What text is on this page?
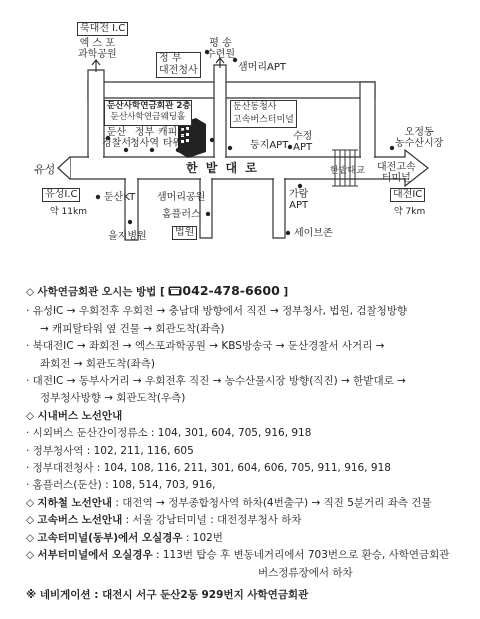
북대전 I.C
엑 스 포
과학공원
평 송
수련원
정 부
대전청사	샘머리APT
둔산사학연금회관 2층
둔산사학연금웨딩홀
둔산
경찰서
정부
청사역
캐피탈
타워
둔산동청사
고속버스터미널
둥지APT
수정
APT
오정동
농수산시장
대전고속
터미널
유성	한 밭 대 로	한밭대교
유성I.C
약 11km
둔산KT 샘머리공원
홈플러스
법원
가람
APT
대전IC
약 7km
을지병원	세이브존
◇ 사학연금회관 오시는 방법 [ 042-478-6600 ]
· 유성IC → 우회전후 우회전 → 충남대 방향에서 직진 → 정부청사, 법원, 검찰청방향
→ 캐피탈타워 옆 건물 → 회관도착(좌측)
· 북대전IC → 좌회전 → 엑스포과학공원 → KBS방송국 → 둔산경찰서 사거리 →
좌회전 → 회관도착(좌측)
· 대전IC → 동부사거리 → 우회전후 직진 → 농수산물시장 방향(직진) → 한밭대로 →
정부청사방향 → 회관도착(우측)
◇ 시내버스 노선안내
· 시외버스 둔산간이정류소 : 104, 301, 604, 705, 916, 918
· 정부청사역 : 102, 211, 116, 605
· 정부대전청사 : 104, 108, 116, 211, 301, 604, 606, 705, 911, 916, 918
· 홈플러스(둔산) : 108, 514, 703, 916,
◇ 지하철 노선안내 : 대전역 → 정부종합청사역 하차(4번출구) → 직진 5분거리 좌측 건물
◇ 고속버스 노선안내 : 서울 강남터미널 : 대전정부청사 하차
◇ 고속터미널(동부)에서 오실경우 : 102번
◇ 서부터미널에서 오실경우 : 113번 탑승 후 변동네거리에서 703번으로 환승, 사학연금회관
버스정류장에서 하차
※ 네비게이션 : 대전시 서구 둔산2동 929번지 사학연금회관
